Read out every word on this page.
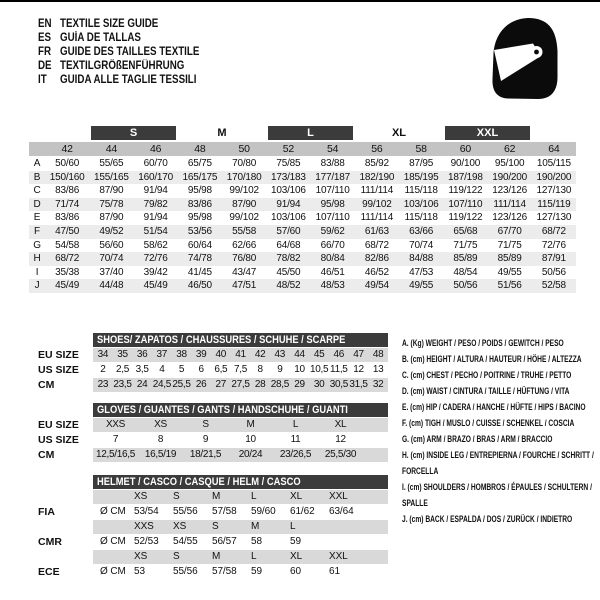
EN TEXTILE SIZE GUIDE
ES GUÍA DE TALLAS
FR GUIDE DES TAILLES TEXTILE
DE TEXTILGRÖßENFÜHRUNG
IT GUIDA ALLE TAGLIE TESSILI
S	M	L	XL	XXL
42	44	46	48	50	52	54	56	58	60	62	64
A	50/60	55/65	60/70	65/75	70/80	75/85	83/88	85/92	87/95	90/100	95/100	105/115
B 150/160 155/165 160/170 165/175 170/180 173/183 177/187 182/190 185/195 187/198 190/200 190/200
C	83/86	87/90	91/94	95/98	99/102	103/106 107/110	111/114	115/118	119/122 123/126 127/130
D	71/74	75/78	79/82	83/86	87/90	91/94	95/98	99/102	103/106 107/110	111/114	115/119
E	83/86	87/90	91/94	95/98	99/102	103/106 107/110	111/114	115/118	119/122 123/126 127/130
F	47/50	49/52	51/54	53/56	55/58	57/60	59/62	61/63	63/66	65/68	67/70	68/72
G	54/58	56/60	58/62	60/64	62/66	64/68	66/70	68/72	70/74	71/75	71/75	72/76
H	68/72	70/74	72/76	74/78	76/80	78/82	80/84	82/86	84/88	85/89	85/89	87/91
I	35/38	37/40	39/42	41/45	43/47	45/50	46/51	46/52	47/53	48/54	49/55	50/56
J	45/49	44/48	45/49	46/50	47/51	48/52	48/53	49/54	49/55	50/56	51/56	52/58
SHOES/ ZAPATOS / CHAUSSURES / SCHUHE / SCARPE
EU SIZE	34 35 36 37 38 39 40 41 42 43 44 45 46 47 48
US SIZE	2	2,5 3,5	4	5	6	6,5 7,5	8	9	10 10,5 11,5 12 13
CM	23 23,5 24 24,5 25,5 26 27 27,5 28 28,5 29 30 30,5 31,5 32
GLOVES / GUANTES / GANTS / HANDSCHUHE / GUANTI
EU SIZE	XXS	XS	S	M	L	XL
US SIZE	7	8	9	10	11	12
CM	12,5/16,5 16,5/19	18/21,5	20/24	23/26,5	25,5/30
HELMET / CASCO / CASQUE / HELM / CASCO
XS	S	M	L	XL	XXL
FIA	Ø CM 53/54	55/56	57/58	59/60	61/62	63/64
XXS	XS	S	M	L
CMR	Ø CM 52/53	54/55	56/57	58	59
XS	S	M	L	XL	XXL
ECE	Ø CM 53	55/56	57/58	59	60	61
A. (Kg) WEIGHT / PESO / POIDS / GEWITCH / PESO
B. (cm) HEIGHT / ALTURA / HAUTEUR / HÖHE / ALTEZZA
C. (cm) CHEST / PECHO / POITRINE / TRUHE / PETTO
D. (cm) WAIST / CINTURA / TAILLE / HÜFTUNG / VITA
E. (cm) HIP / CADERA / HANCHE / HÜFTE / HIPS / BACINO
F. (cm) TIGH / MUSLO / CUISSE / SCHENKEL / COSCIA
G. (cm) ARM / BRAZO / BRAS / ARM / BRACCIO
H. (cm) INSIDE LEG / ENTREPIERNA / FOURCHE / SCHRITT / FORCELLA
I. (cm) SHOULDERS / HOMBROS / ÉPAULES / SCHULTERN / SPALLE
J. (cm) BACK / ESPALDA / DOS / ZURÜCK / INDIETRO
